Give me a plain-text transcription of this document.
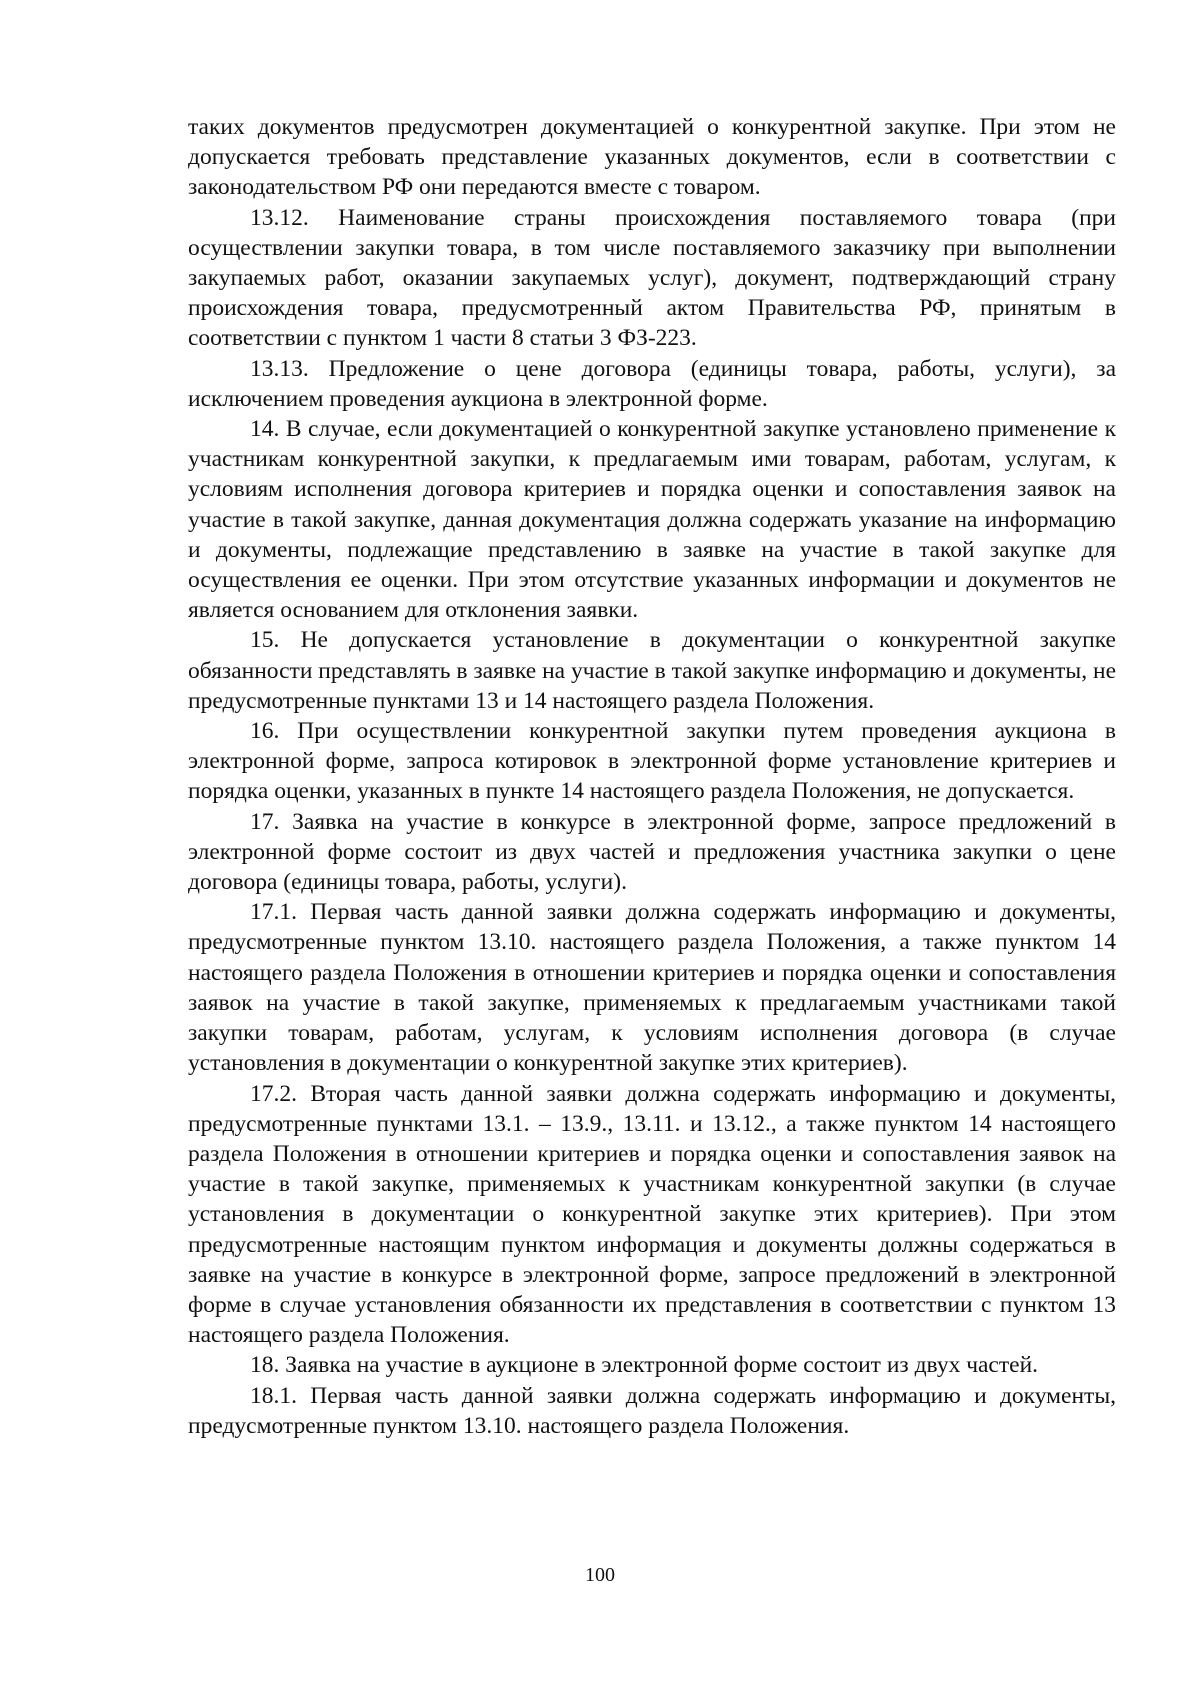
таких документов предусмотрен документацией о конкурентной закупке. При этом не допускается требовать представление указанных документов, если в соответствии с законодательством РФ они передаются вместе с товаром.

13.12. Наименование страны происхождения поставляемого товара (при осуществлении закупки товара, в том числе поставляемого заказчику при выполнении закупаемых работ, оказании закупаемых услуг), документ, подтверждающий страну происхождения товара, предусмотренный актом Правительства РФ, принятым в соответствии с пунктом 1 части 8 статьи 3 ФЗ-223.

13.13. Предложение о цене договора (единицы товара, работы, услуги), за исключением проведения аукциона в электронной форме.

14. В случае, если документацией о конкурентной закупке установлено применение к участникам конкурентной закупки, к предлагаемым ими товарам, работам, услугам, к условиям исполнения договора критериев и порядка оценки и сопоставления заявок на участие в такой закупке, данная документация должна содержать указание на информацию и документы, подлежащие представлению в заявке на участие в такой закупке для осуществления ее оценки. При этом отсутствие указанных информации и документов не является основанием для отклонения заявки.

15. Не допускается установление в документации о конкурентной закупке обязанности представлять в заявке на участие в такой закупке информацию и документы, не предусмотренные пунктами 13 и 14 настоящего раздела Положения.

16. При осуществлении конкурентной закупки путем проведения аукциона в электронной форме, запроса котировок в электронной форме установление критериев и порядка оценки, указанных в пункте 14 настоящего раздела Положения, не допускается.

17. Заявка на участие в конкурсе в электронной форме, запросе предложений в электронной форме состоит из двух частей и предложения участника закупки о цене договора (единицы товара, работы, услуги).

17.1. Первая часть данной заявки должна содержать информацию и документы, предусмотренные пунктом 13.10. настоящего раздела Положения, а также пунктом 14 настоящего раздела Положения в отношении критериев и порядка оценки и сопоставления заявок на участие в такой закупке, применяемых к предлагаемым участниками такой закупки товарам, работам, услугам, к условиям исполнения договора (в случае установления в документации о конкурентной закупке этих критериев).

17.2. Вторая часть данной заявки должна содержать информацию и документы, предусмотренные пунктами 13.1. – 13.9., 13.11. и 13.12., а также пунктом 14 настоящего раздела Положения в отношении критериев и порядка оценки и сопоставления заявок на участие в такой закупке, применяемых к участникам конкурентной закупки (в случае установления в документации о конкурентной закупке этих критериев). При этом предусмотренные настоящим пунктом информация и документы должны содержаться в заявке на участие в конкурсе в электронной форме, запросе предложений в электронной форме в случае установления обязанности их представления в соответствии с пунктом 13 настоящего раздела Положения.

18. Заявка на участие в аукционе в электронной форме состоит из двух частей.

18.1. Первая часть данной заявки должна содержать информацию и документы, предусмотренные пунктом 13.10. настоящего раздела Положения.

100
